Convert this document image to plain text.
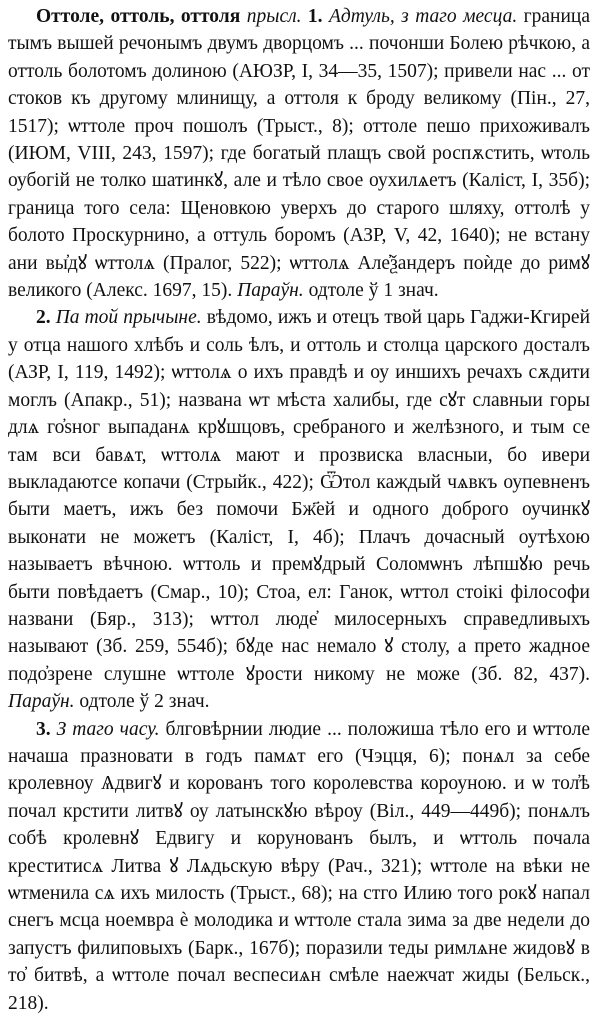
Оттоле, оттоль, оттоля прысл. 1. Адтуль, з таго месца. граница тымъ вышей речонымъ двумъ дворцомъ ... почонши Болею рѣчкою, а оттоль болотомъ долиною (АЮЗР, І, 34—35, 1507); привели нас ... от стоков къ другому млинищу, а оттоля к броду великому (Пін., 27, 1517); ѡттоле проч пошолъ (Трыст., 8); оттоле пешо прихоживалъ (ИЮМ, VIII, 243, 1597); где богатый плащъ свой роспѫстить, ѡтоль оубогій не толко шатинкꙋ, але и тѣло свое оухилѧетъ (Каліст, І, 35б); граница того села: Щеновкою уверхъ до старого шляху, оттолѣ у болото Проскурнино, а оттуль боромъ (АЗР, V, 42, 1640); не встану ани вы҆дꙋ ѡттолѧ (Пралог, 522); ѡттолѧ Але҆ѯандеръ поѝде до римꙋ великого (Алекс. 1697, 15). Параўн. одтоле ў 1 знач.

2. Па той прычыне. вѣдомо, ижъ и отецъ твой царь Гаджи-Кгирей у отца нашого хлѣбъ и соль ѣлъ, и оттоль и столца царского досталъ (АЗР, І, 119, 1492); ѡттолѧ о ихъ правдѣ и оу иншихъ речахъ сѫдити моглъ (Апакр., 51); названа ѡт мѣста халибы, где сꙋт славныи горы длѧ го҆ѕног выпаданѧ крꙋшцовъ, сребраного и желѣзного, и тым се там вси бавѧт, ѡттолѧ мают и прозвиска власныи, бо ивери выкладаютсе копачи (Стрыйк., 422); Ѿтол каждый чѧвкъ оупевненъ быти маетъ, ижъ без помочи Бж҃ей и одного доброго оучинкꙋ выконати не можетъ (Каліст, І, 4б); Плачъ дочасный оутѣхою называетъ вѣчною. ѡттоль и премꙋдрый Соломѡнъ лѣпшꙋю речь быти повѣдаетъ (Смар., 10); Стоа, ел: Ганок, ѡттол стоікі філософи названи (Бяр., 313); ѡттол люде҆ милосерныхъ справедливыхъ называют (Зб. 259, 554б); бꙋде нас немало ꙋ столу, а прето жадное подо҆зрене слушне ѡттоле ꙋрости никому не може (Зб. 82, 437). Параўн. одтоле ў 2 знач.

3. З таго часу. блговѣрнии людие ... положиша тѣло его и ѡттоле начаша празновати в годъ памѧт его (Чэцця, 6); понѧл за себе кролевноу Ѧдвигꙋ и корованъ того королевства короуною. и ѡ тол҆ѣ почал крстити литвꙋ оу латынскꙋю вѣроу (Віл., 449—449б); понѧлъ собѣ кролевнꙋ Едвигу и корунованъ былъ, и ѡттоль почала креститисѧ Литва ꙋ Лѧдьскую вѣру (Рач., 321); ѡттоле на вѣки не ѡтменила сѧ ихъ милость (Трыст., 68); на стго Илию того рокꙋ напал снегъ мсца ноемвра ѐ молодика и ѡттоле стала зима за две недели до запустъ филиповыхъ (Барк., 167б); поразили теды римлѧне жидовꙋ в то҆ битвѣ, а ѡттоле почал веспесиѧн смѣле наежчат жиды (Бельск., 218).
